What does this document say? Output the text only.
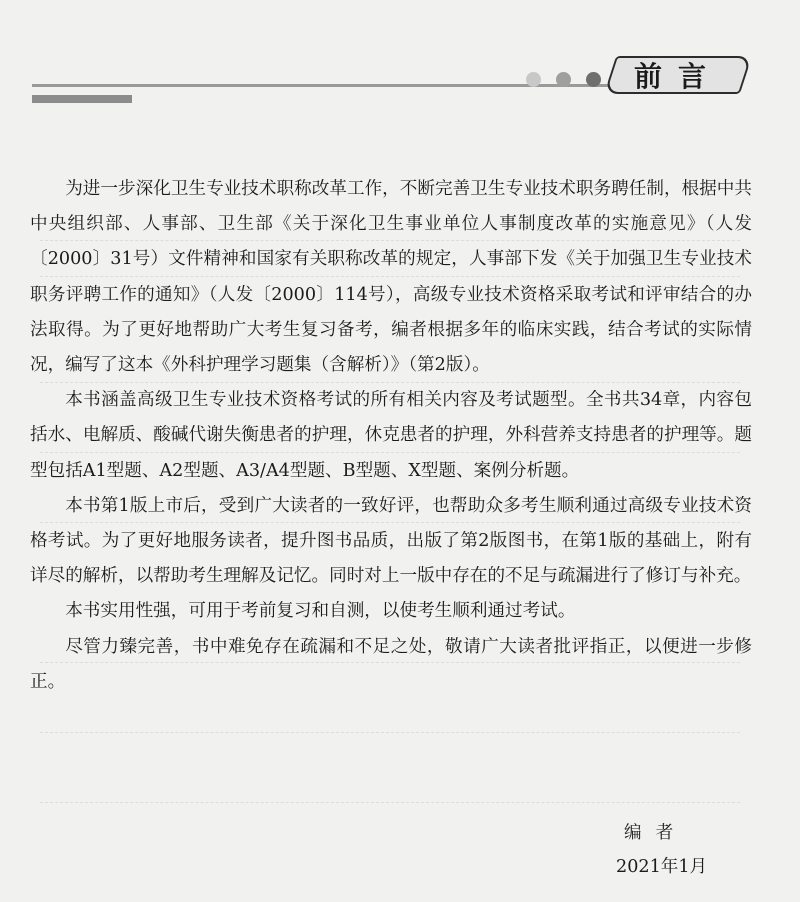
前言

为进一步深化卫生专业技术职称改革工作，不断完善卫生专业技术职务聘任制，根据中共中央组织部、人事部、卫生部《关于深化卫生事业单位人事制度改革的实施意见》（人发〔2000〕31号）文件精神和国家有关职称改革的规定，人事部下发《关于加强卫生专业技术职务评聘工作的通知》（人发〔2000〕114号），高级专业技术资格采取考试和评审结合的办法取得。为了更好地帮助广大考生复习备考，编者根据多年的临床实践，结合考试的实际情况，编写了这本《外科护理学习题集（含解析）》（第2版）。

本书涵盖高级卫生专业技术资格考试的所有相关内容及考试题型。全书共34章，内容包括水、电解质、酸碱代谢失衡患者的护理，休克患者的护理，外科营养支持患者的护理等。题型包括A1型题、A2型题、A3/A4型题、B型题、X型题、案例分析题。

本书第1版上市后，受到广大读者的一致好评，也帮助众多考生顺利通过高级专业技术资格考试。为了更好地服务读者，提升图书品质，出版了第2版图书，在第1版的基础上，附有详尽的解析，以帮助考生理解及记忆。同时对上一版中存在的不足与疏漏进行了修订与补充。

本书实用性强，可用于考前复习和自测，以使考生顺利通过考试。

尽管力臻完善，书中难免存在疏漏和不足之处，敬请广大读者批评指正，以便进一步修正。

编者
2021年1月
